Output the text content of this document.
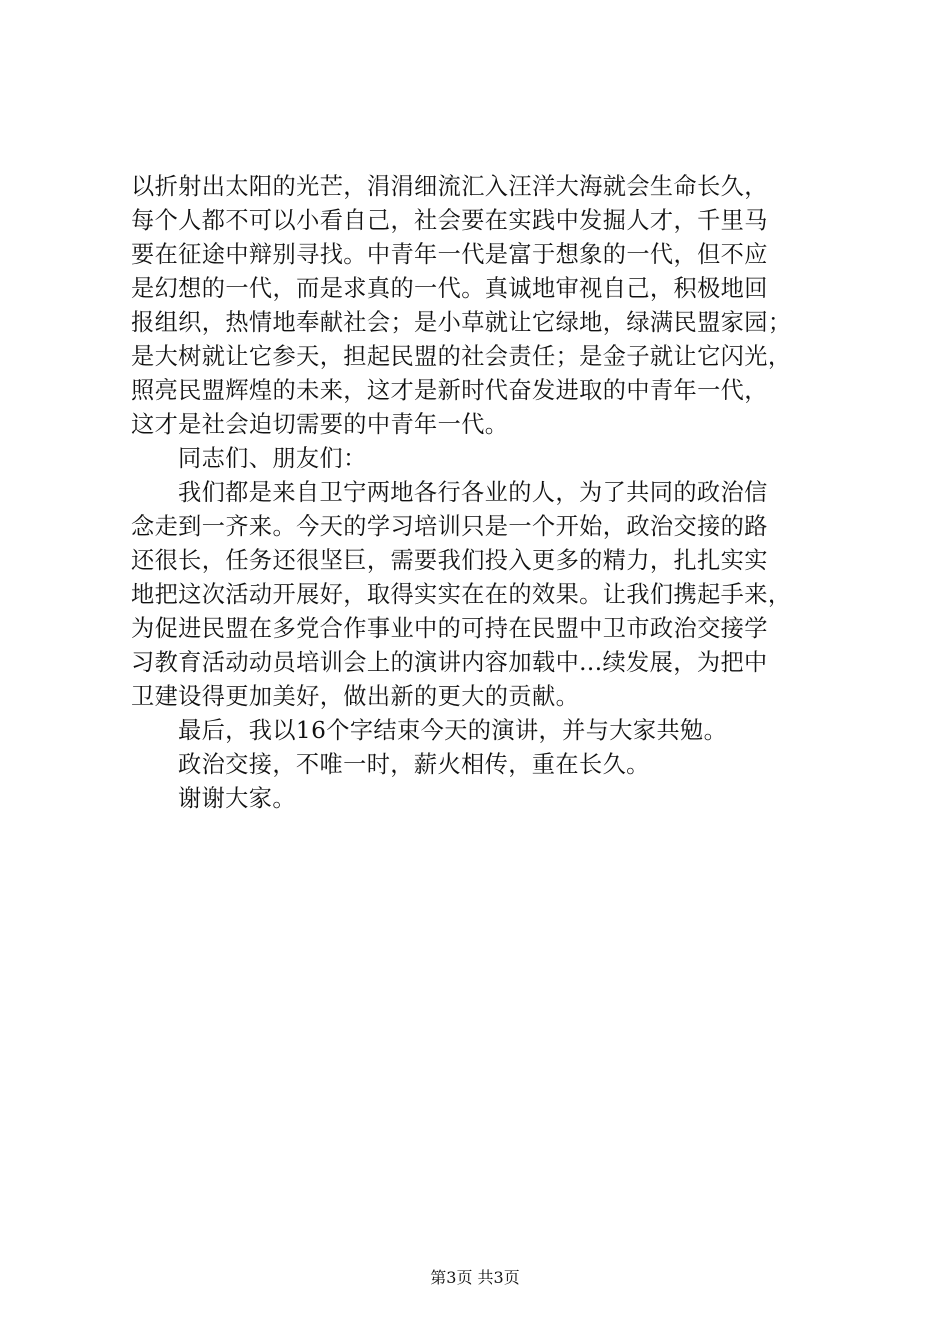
以折射出太阳的光芒，涓涓细流汇入汪洋大海就会生命长久，
每个人都不可以小看自己，社会要在实践中发掘人才，千里马
要在征途中辩别寻找。中青年一代是富于想象的一代，但不应
是幻想的一代，而是求真的一代。真诚地审视自己，积极地回
报组织，热情地奉献社会；是小草就让它绿地，绿满民盟家园；
是大树就让它参天，担起民盟的社会责任；是金子就让它闪光，
照亮民盟辉煌的未来，这才是新时代奋发进取的中青年一代，
这才是社会迫切需要的中青年一代。
同志们、朋友们：
我们都是来自卫宁两地各行各业的人，为了共同的政治信
念走到一齐来。今天的学习培训只是一个开始，政治交接的路
还很长，任务还很坚巨，需要我们投入更多的精力，扎扎实实
地把这次活动开展好，取得实实在在的效果。让我们携起手来，
为促进民盟在多党合作事业中的可持在民盟中卫市政治交接学
习教育活动动员培训会上的演讲内容加载中...续发展，为把中
卫建设得更加美好，做出新的更大的贡献。
最后，我以16个字结束今天的演讲，并与大家共勉。
政治交接，不唯一时，薪火相传，重在长久。
谢谢大家。
第3页 共3页
